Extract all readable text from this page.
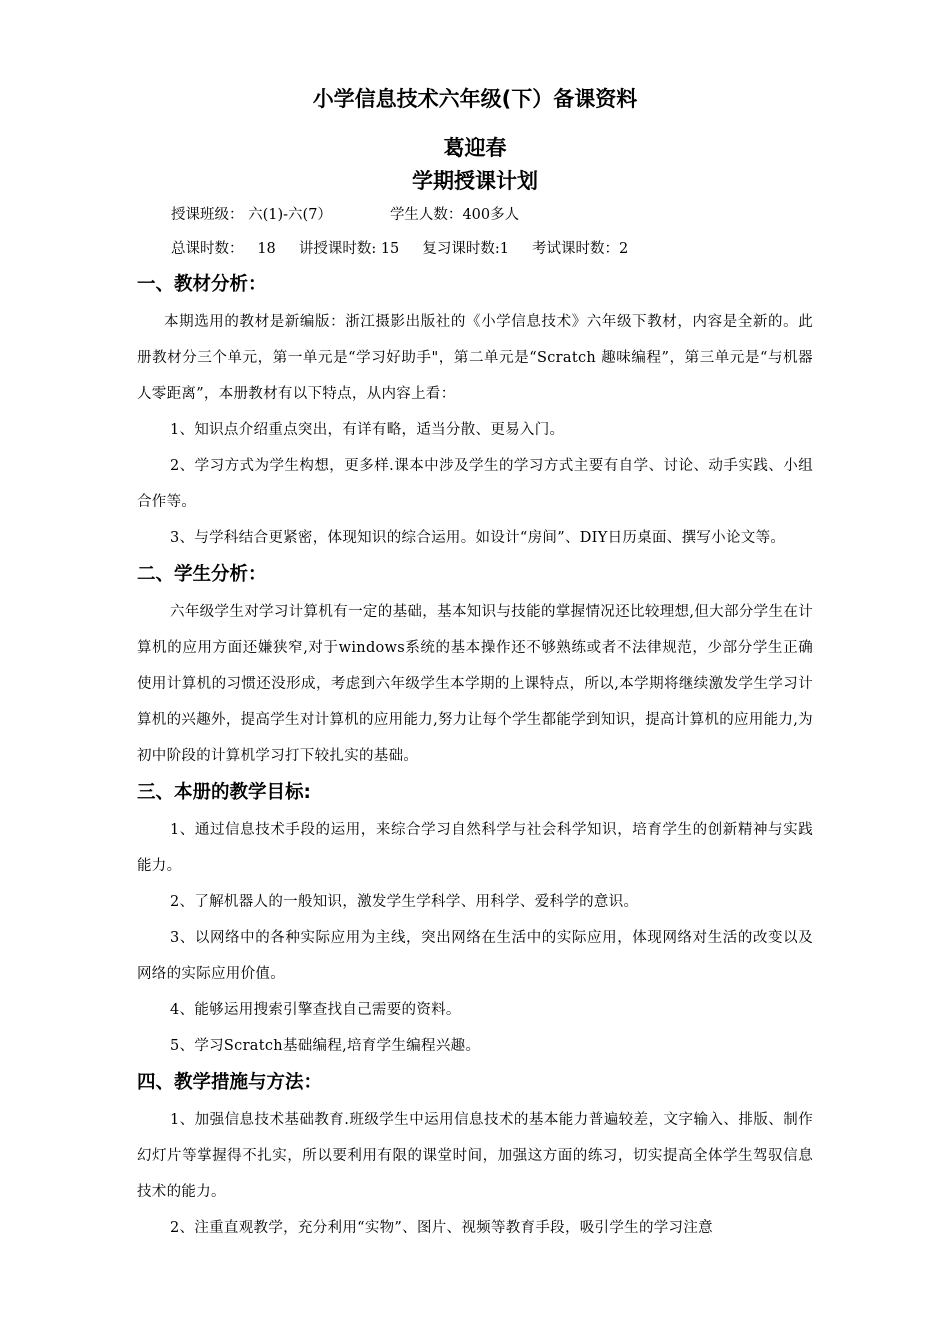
小学信息技术六年级(下）备课资料
葛迎春
学期授课计划

授课班级： 六(1)-六(7）	学生人数：400多人

总课时数： 18 讲授课时数: 15 复习课时数:1 考试课时数：2

一、教材分析：

本期选用的教材是新编版：浙江摄影出版社的《小学信息技术》六年级下教材，内容是全新的。此册教材分三个单元，第一单元是“学习好助手"，第二单元是“Scratch 趣味编程”，第三单元是“与机器人零距离”，本册教材有以下特点，从内容上看：

1、知识点介绍重点突出，有详有略，适当分散、更易入门。

2、学习方式为学生构想，更多样.课本中涉及学生的学习方式主要有自学、讨论、动手实践、小组合作等。

3、与学科结合更紧密，体现知识的综合运用。如设计“房间”、DIY日历桌面、撰写小论文等。

二、学生分析：

六年级学生对学习计算机有一定的基础，基本知识与技能的掌握情况还比较理想,但大部分学生在计算机的应用方面还嫌狭窄,对于windows系统的基本操作还不够熟练或者不法律规范，少部分学生正确使用计算机的习惯还没形成，考虑到六年级学生本学期的上课特点，所以,本学期将继续激发学生学习计算机的兴趣外，提高学生对计算机的应用能力,努力让每个学生都能学到知识，提高计算机的应用能力,为初中阶段的计算机学习打下较扎实的基础。

三、本册的教学目标:

1、通过信息技术手段的运用，来综合学习自然科学与社会科学知识，培育学生的创新精神与实践能力。

2、了解机器人的一般知识，激发学生学科学、用科学、爱科学的意识。

3、以网络中的各种实际应用为主线，突出网络在生活中的实际应用，体现网络对生活的改变以及网络的实际应用价值。

4、能够运用搜索引擎查找自己需要的资料。

5、学习Scratch基础编程,培育学生编程兴趣。

四、教学措施与方法：

1、加强信息技术基础教育.班级学生中运用信息技术的基本能力普遍较差，文字输入、排版、制作幻灯片等掌握得不扎实，所以要利用有限的课堂时间，加强这方面的练习，切实提高全体学生驾驭信息技术的能力。

2、注重直观教学，充分利用“实物”、图片、视频等教育手段，吸引学生的学习注意
